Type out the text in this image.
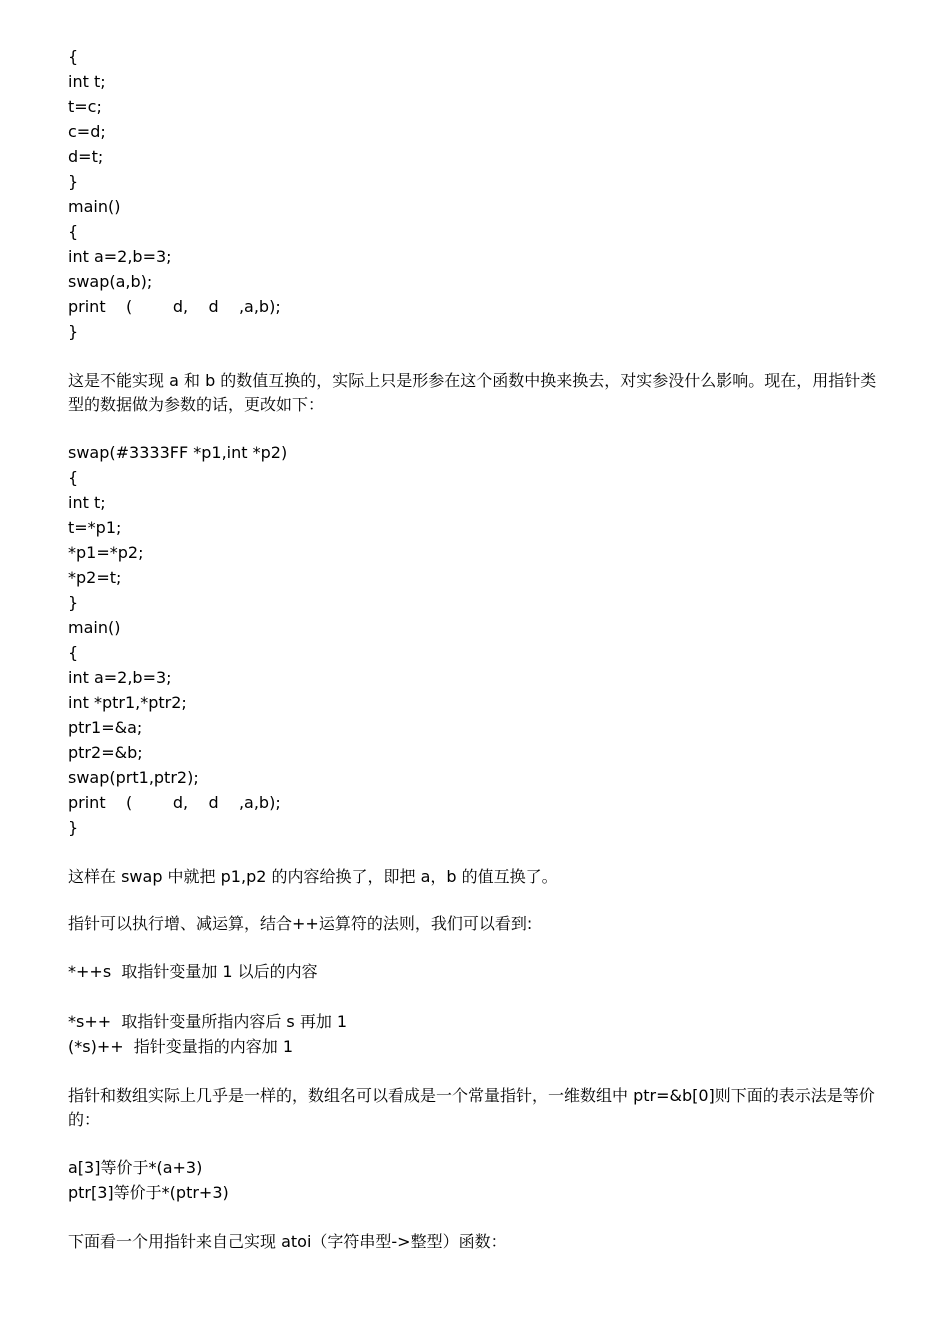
{
int t;
t=c;
c=d;
d=t;
}
main()
{
int a=2,b=3;
swap(a,b);
print    (        d,    d    ,a,b);
}

这是不能实现 a 和 b 的数值互换的，实际上只是形参在这个函数中换来换去，对实参没什么影响。现在，用指针类型的数据做为参数的话，更改如下：

swap(#3333FF *p1,int *p2)
{
int t;
t=*p1;
*p1=*p2;
*p2=t;
}
main()
{
int a=2,b=3;
int *ptr1,*ptr2;
ptr1=&a;
ptr2=&b;
swap(prt1,ptr2);
print    (        d,    d    ,a,b);
}

这样在 swap 中就把 p1,p2 的内容给换了，即把 a，b 的值互换了。

指针可以执行增、减运算，结合++运算符的法则，我们可以看到:

*++s  取指针变量加 1 以后的内容
*s++  取指针变量所指内容后 s 再加 1
(*s)++  指针变量指的内容加 1

指针和数组实际上几乎是一样的，数组名可以看成是一个常量指针，一维数组中 ptr=&b[0]则下面的表示法是等价的：

a[3]等价于*(a+3)
ptr[3]等价于*(ptr+3)

下面看一个用指针来自己实现 atoi（字符串型->整型）函数：
